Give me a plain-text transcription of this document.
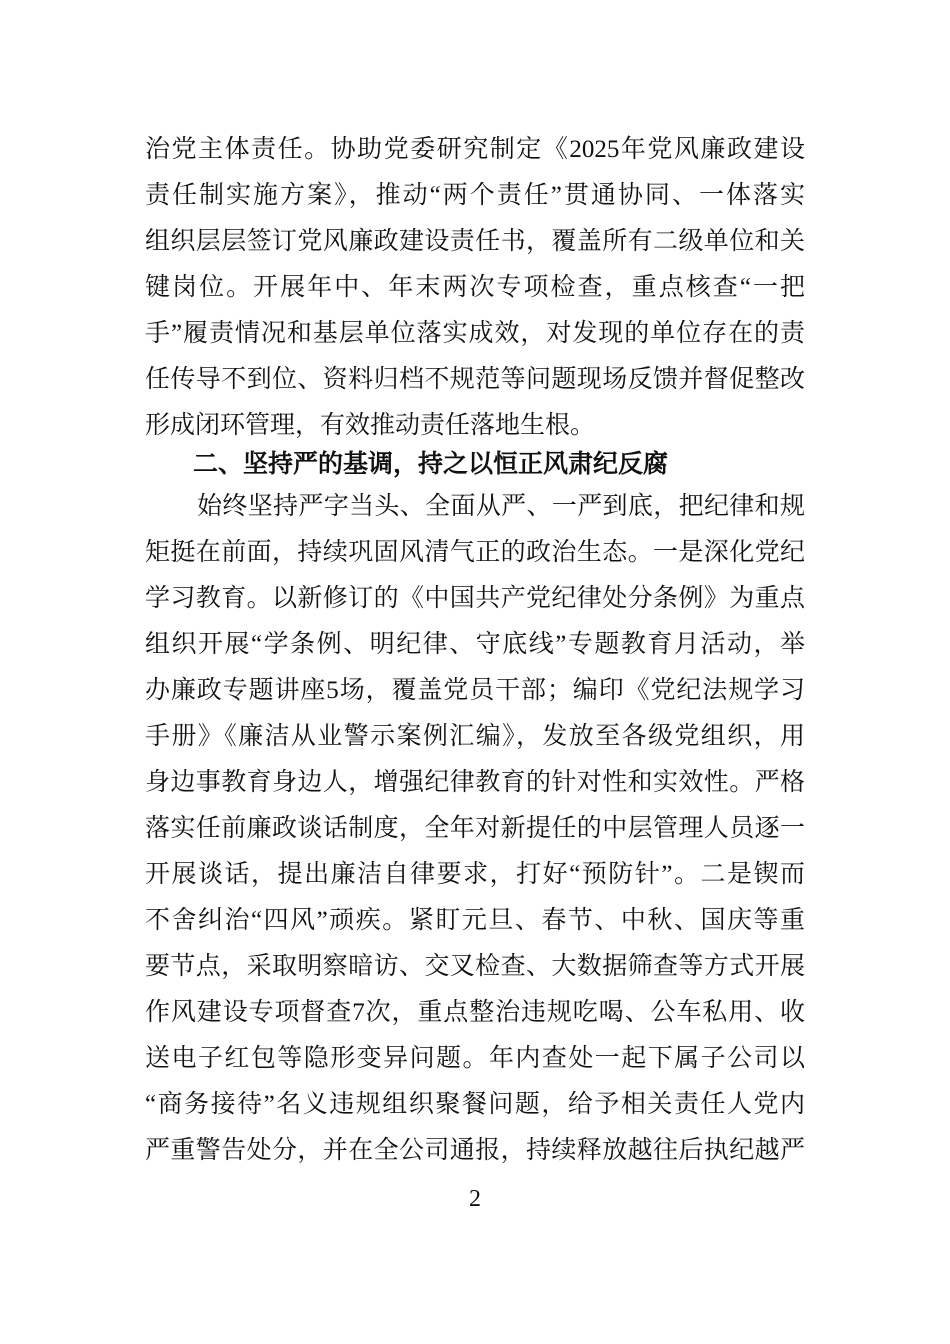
治党主体责任。协助党委研究制定《2025年党风廉政建设
责任制实施方案》，推动“两个责任”贯通协同、一体落实
组织层层签订党风廉政建设责任书，覆盖所有二级单位和关
键岗位。开展年中、年末两次专项检查，重点核查“一把
手”履责情况和基层单位落实成效，对发现的单位存在的责
任传导不到位、资料归档不规范等问题现场反馈并督促整改
形成闭环管理，有效推动责任落地生根。
二、坚持严的基调，持之以恒正风肃纪反腐
始终坚持严字当头、全面从严、一严到底，把纪律和规
矩挺在前面，持续巩固风清气正的政治生态。一是深化党纪
学习教育。以新修订的《中国共产党纪律处分条例》为重点
组织开展“学条例、明纪律、守底线”专题教育月活动，举
办廉政专题讲座5场，覆盖党员干部；编印《党纪法规学习
手册》《廉洁从业警示案例汇编》，发放至各级党组织，用
身边事教育身边人，增强纪律教育的针对性和实效性。严格
落实任前廉政谈话制度，全年对新提任的中层管理人员逐一
开展谈话，提出廉洁自律要求，打好“预防针”。二是锲而
不舍纠治“四风”顽疾。紧盯元旦、春节、中秋、国庆等重
要节点，采取明察暗访、交叉检查、大数据筛查等方式开展
作风建设专项督查7次，重点整治违规吃喝、公车私用、收
送电子红包等隐形变异问题。年内查处一起下属子公司以
“商务接待”名义违规组织聚餐问题，给予相关责任人党内
严重警告处分，并在全公司通报，持续释放越往后执纪越严
2
